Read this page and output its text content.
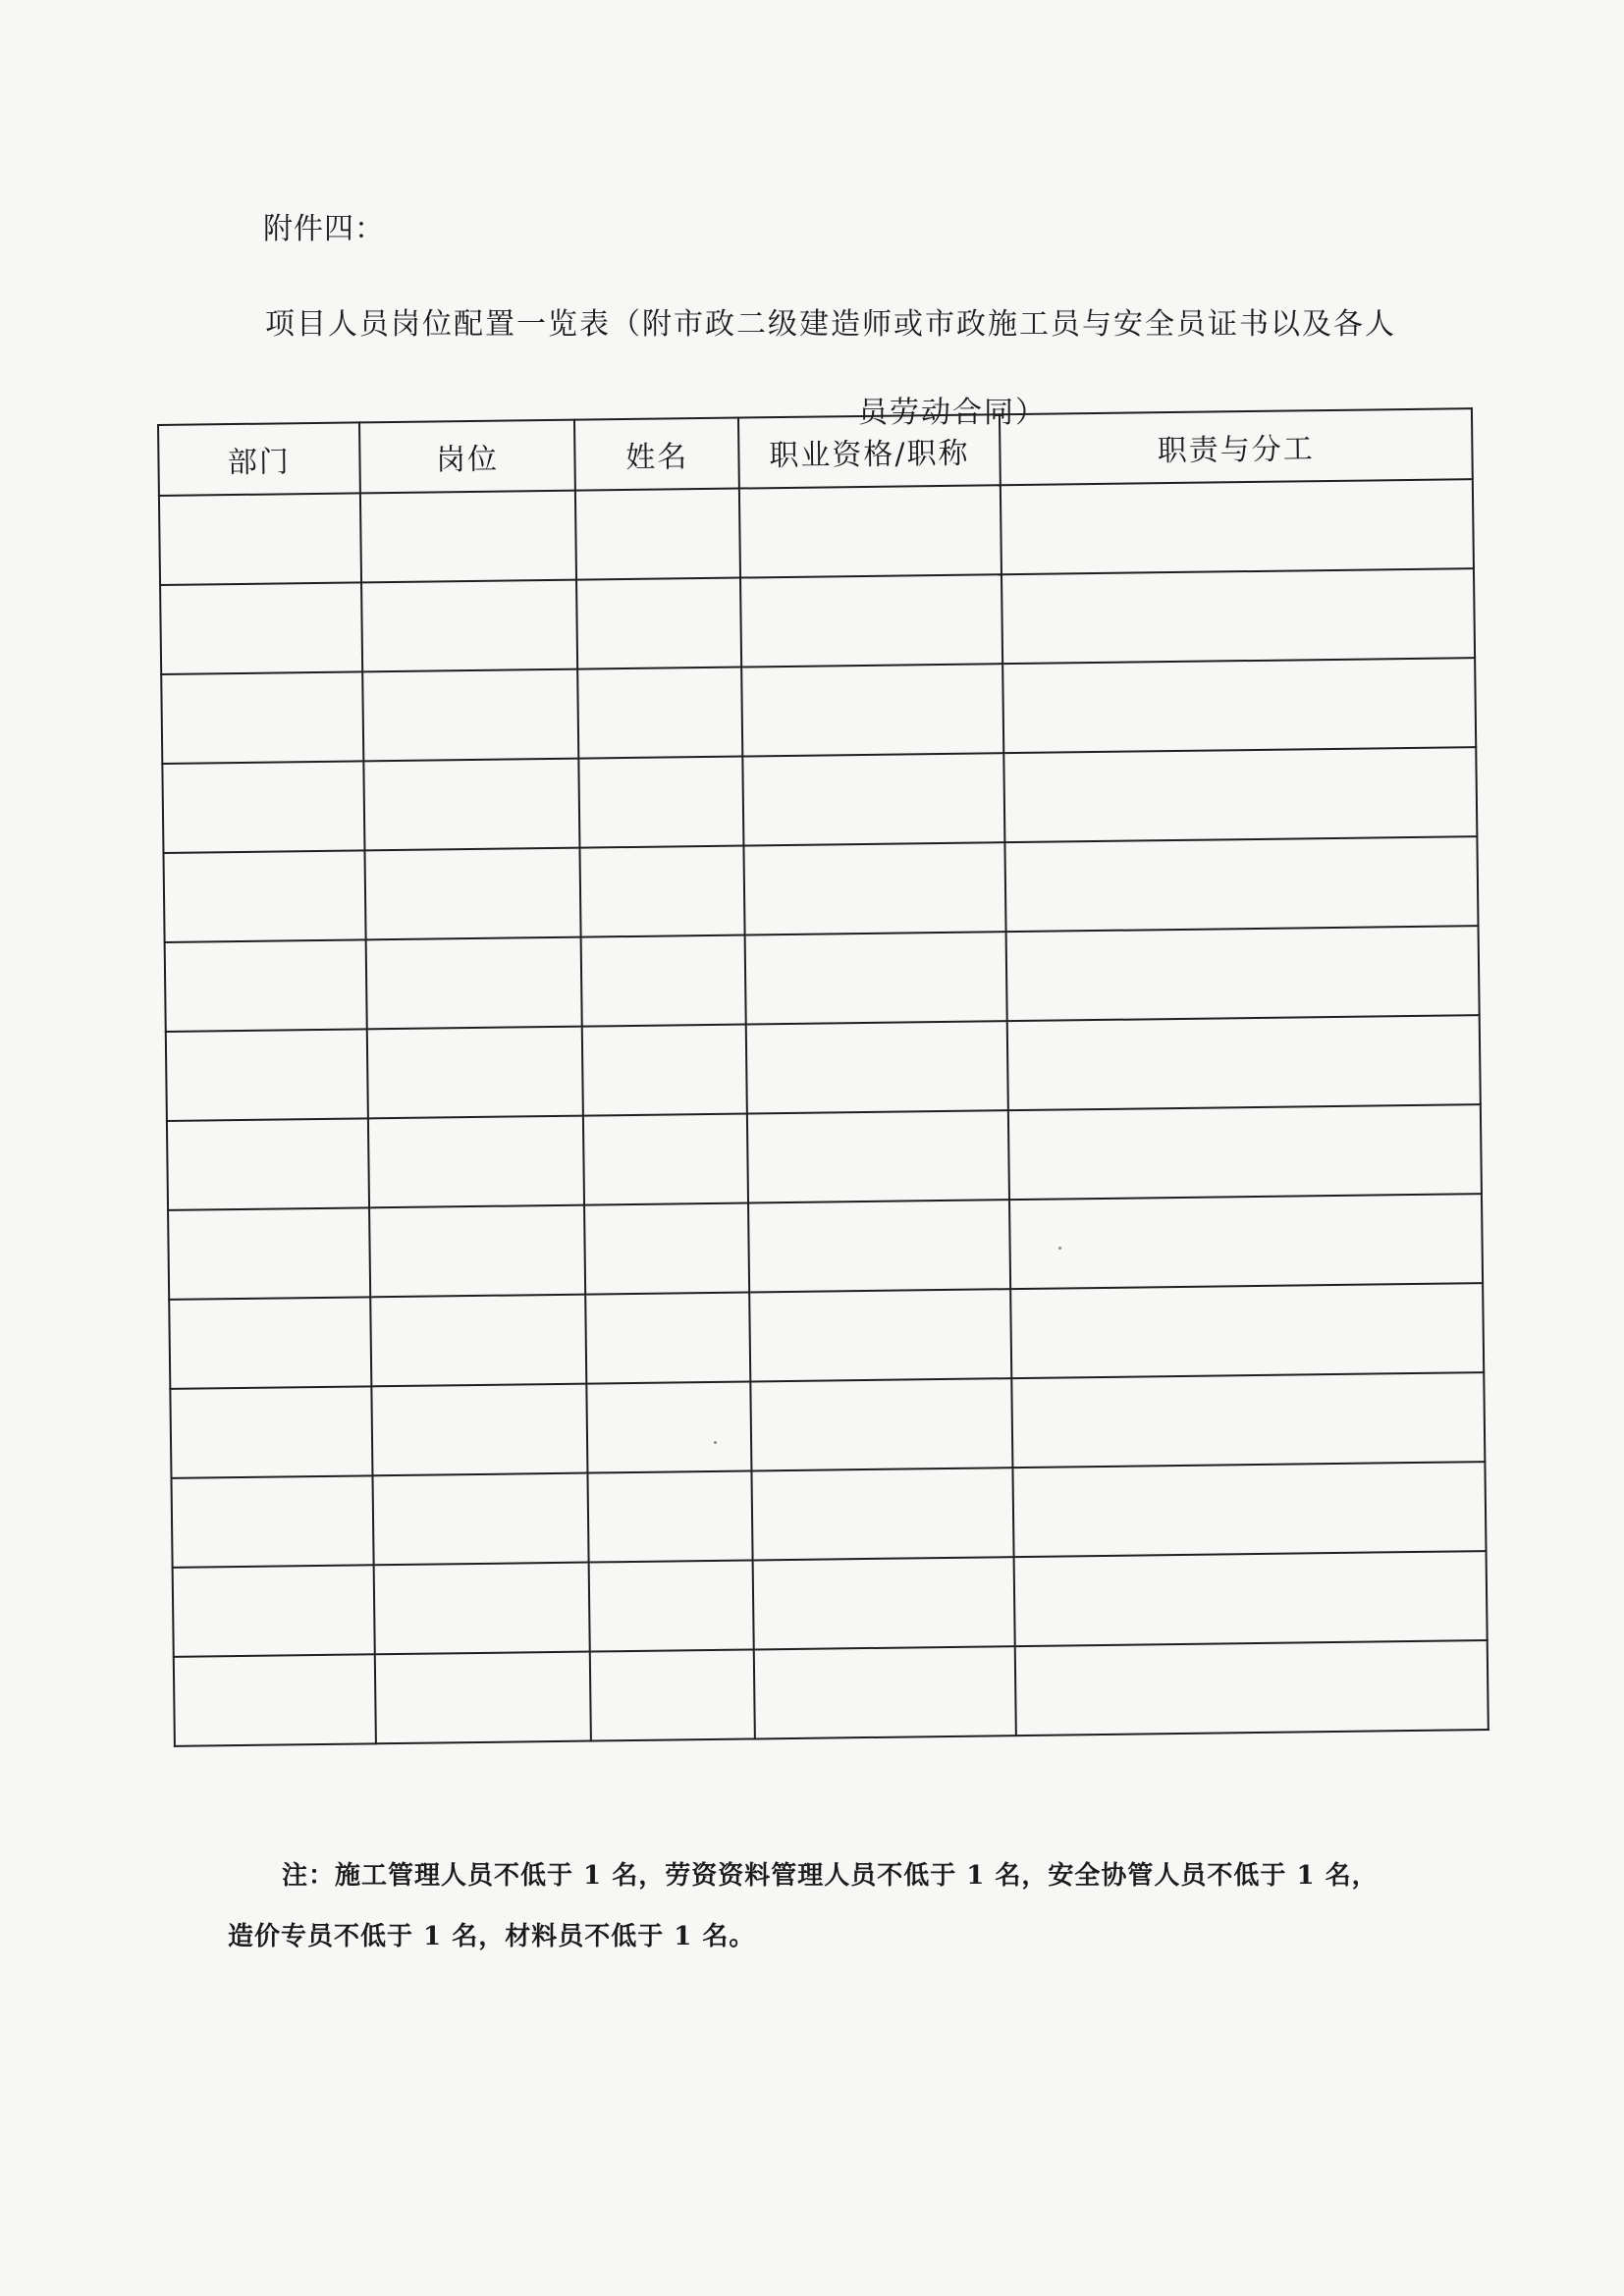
附件四：
项目人员岗位配置一览表（附市政二级建造师或市政施工员与安全员证书以及各人
员劳动合同）
部门	岗位	姓名	职业资格/职称	职责与分工

注：施工管理人员不低于 1 名，劳资资料管理人员不低于 1 名，安全协管人员不低于 1 名，
造价专员不低于 1 名，材料员不低于 1 名。
